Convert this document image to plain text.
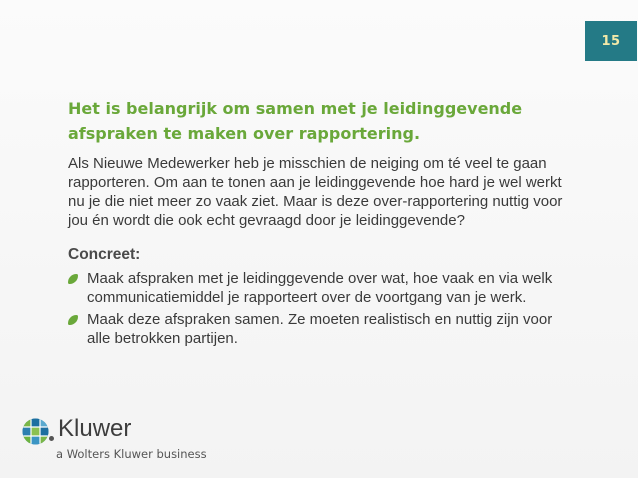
15
Het is belangrijk om samen met je leidinggevende afspraken te maken over rapportering.

Als Nieuwe Medewerker heb je misschien de neiging om té veel te gaan rapporteren. Om aan te tonen aan je leidinggevende hoe hard je wel werkt nu je die niet meer zo vaak ziet. Maar is deze over-rapportering nuttig voor jou én wordt die ook echt gevraagd door je leidinggevende?

Concreet:

Maak afspraken met je leidinggevende over wat, hoe vaak en via welk communicatiemiddel je rapporteert over de voortgang van je werk.
Maak deze afspraken samen. Ze moeten realistisch en nuttig zijn voor alle betrokken partijen.
Kluwer
a Wolters Kluwer business
